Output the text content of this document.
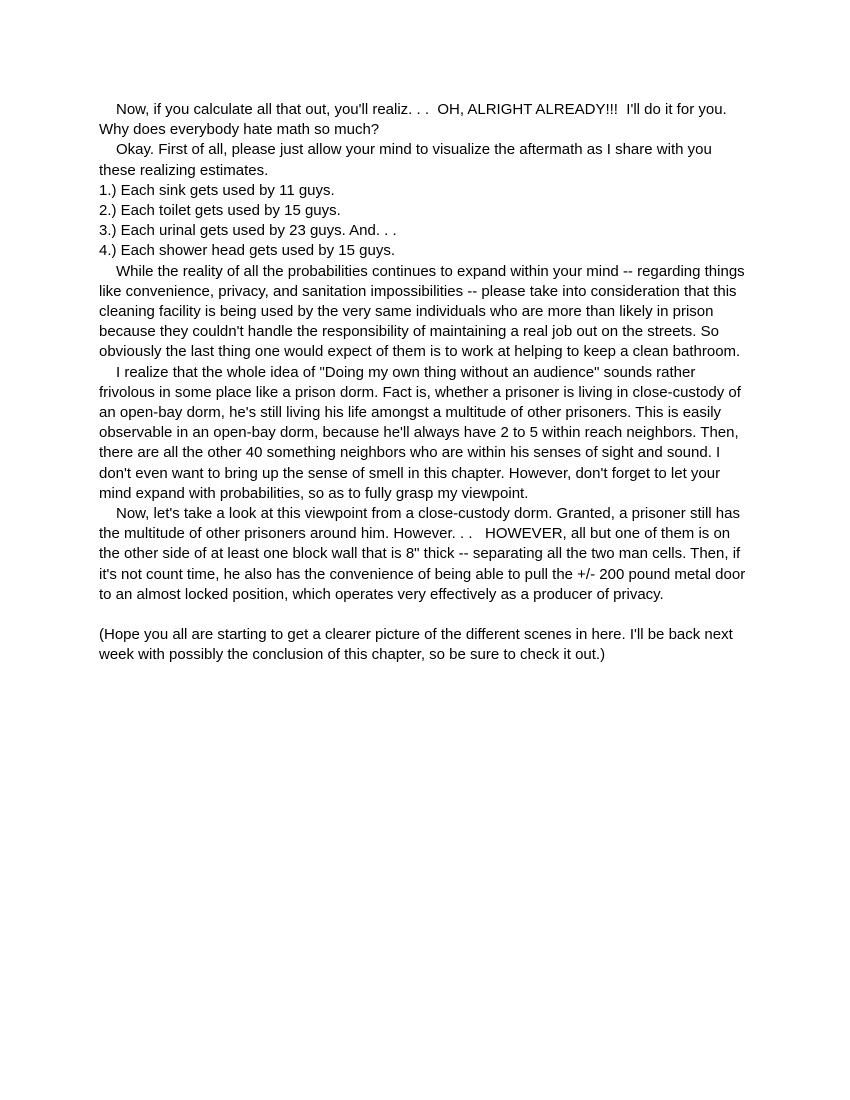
Now, if you calculate all that out, you'll realiz. . .  OH, ALRIGHT ALREADY!!!  I'll do it for you. Why does everybody hate math so much?

Okay. First of all, please just allow your mind to visualize the aftermath as I share with you these realizing estimates.

1.) Each sink gets used by 11 guys.

2.) Each toilet gets used by 15 guys.

3.) Each urinal gets used by 23 guys. And. . .

4.) Each shower head gets used by 15 guys.

While the reality of all the probabilities continues to expand within your mind -- regarding things like convenience, privacy, and sanitation impossibilities -- please take into consideration that this cleaning facility is being used by the very same individuals who are more than likely in prison because they couldn't handle the responsibility of maintaining a real job out on the streets. So obviously the last thing one would expect of them is to work at helping to keep a clean bathroom.

I realize that the whole idea of "Doing my own thing without an audience" sounds rather frivolous in some place like a prison dorm. Fact is, whether a prisoner is living in close-custody of an open-bay dorm, he's still living his life amongst a multitude of other prisoners. This is easily observable in an open-bay dorm, because he'll always have 2 to 5 within reach neighbors. Then, there are all the other 40 something neighbors who are within his senses of sight and sound. I don't even want to bring up the sense of smell in this chapter. However, don't forget to let your mind expand with probabilities, so as to fully grasp my viewpoint.

Now, let's take a look at this viewpoint from a close-custody dorm. Granted, a prisoner still has the multitude of other prisoners around him. However. . .   HOWEVER, all but one of them is on the other side of at least one block wall that is 8" thick -- separating all the two man cells. Then, if it's not count time, he also has the convenience of being able to pull the +/- 200 pound metal door to an almost locked position, which operates very effectively as a producer of privacy.

(Hope you all are starting to get a clearer picture of the different scenes in here. I'll be back next week with possibly the conclusion of this chapter, so be sure to check it out.)
